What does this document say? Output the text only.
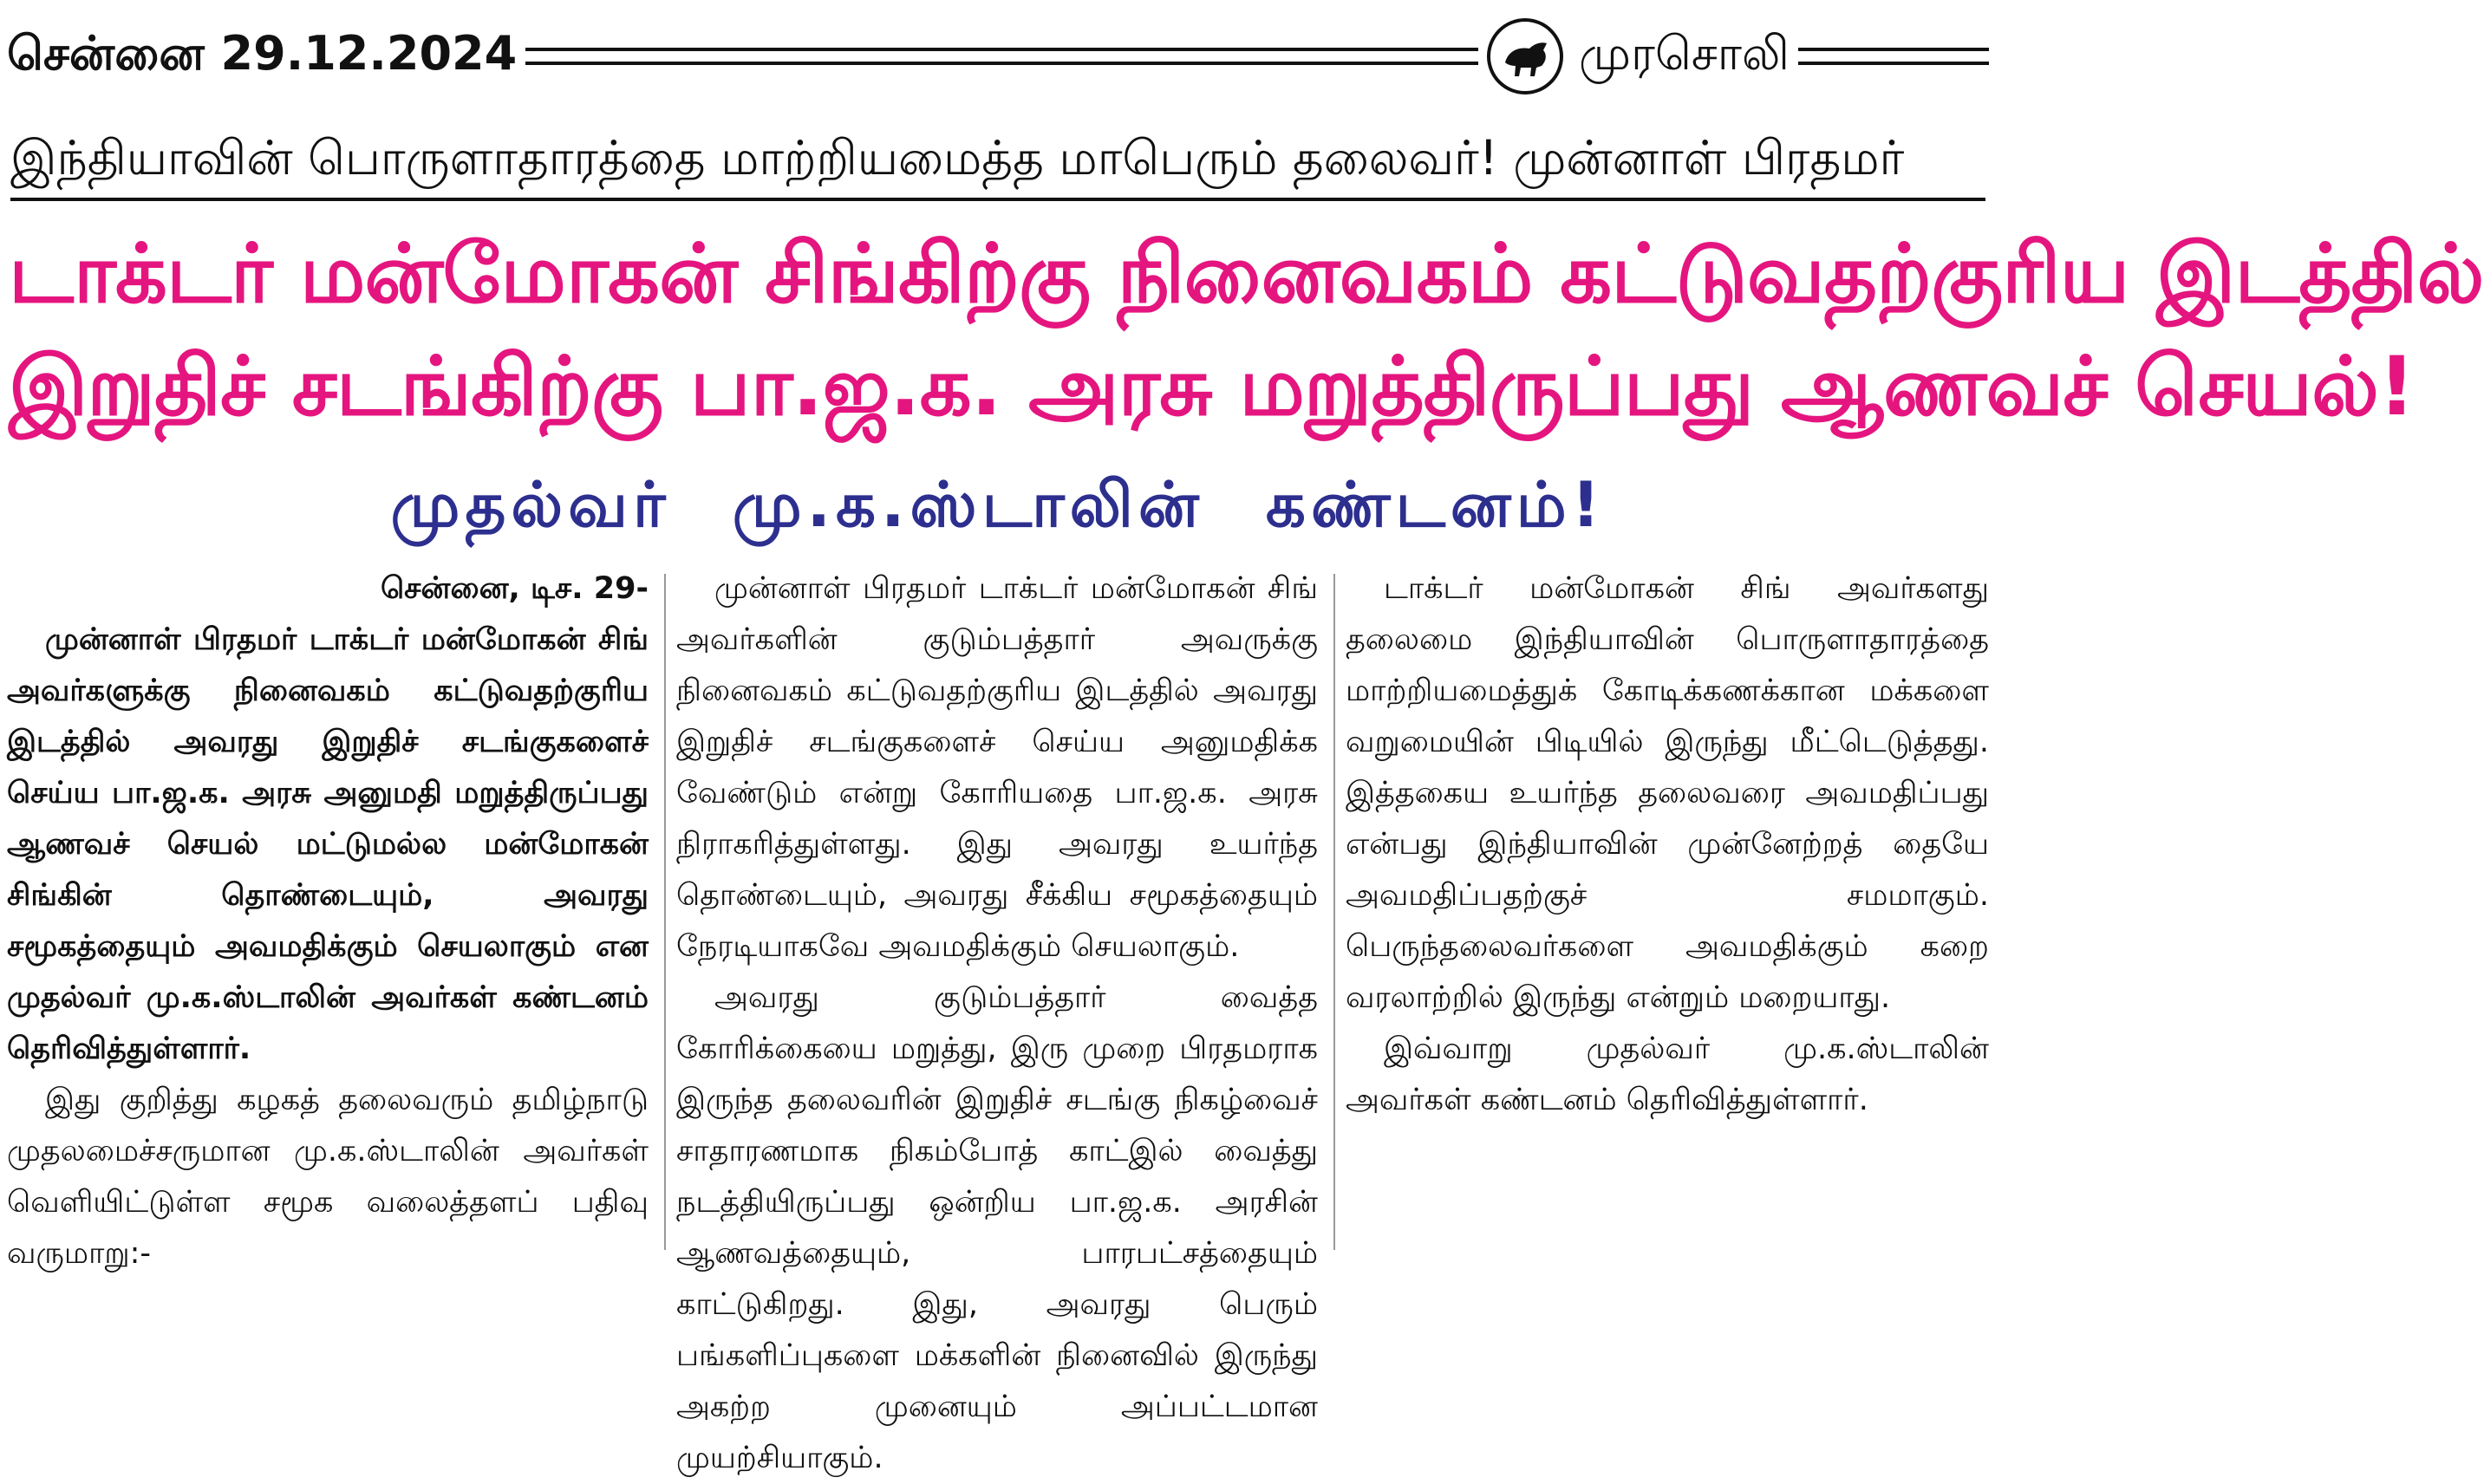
சென்னை 29.12.2024	முரசொலி
இந்தியாவின் பொருளாதாரத்தை மாற்றியமைத்த மாபெரும் தலைவர்! முன்னாள் பிரதமர்
டாக்டர் மன்மோகன் சிங்கிற்கு நினைவகம் கட்டுவதற்குரிய இடத்தில்
இறுதிச் சடங்கிற்கு பா.ஜ.க. அரசு மறுத்திருப்பது ஆணவச் செயல்!
முதல்வர் மு.க.ஸ்டாலின் கண்டனம்!
சென்னை, டிச. 29-
முன்னாள் பிரதமர் டாக்டர் மன்மோகன் சிங் அவர்களுக்கு நினைவகம் கட்டுவதற்குரிய இடத்தில் அவரது இறுதிச் சடங்குகளைச் செய்ய பா.ஜ.க. அரசு அனுமதி மறுத்திருப்பது ஆணவச் செயல் மட்டுமல்ல மன்மோகன் சிங்கின் தொண்டையும், அவரது சமூகத்தையும் அவமதிக்கும் செயலாகும் என முதல்வர் மு.க.ஸ்டாலின் அவர்கள் கண்டனம் தெரிவித்துள்ளார்.
இது குறித்து கழகத் தலைவரும் தமிழ்நாடு முதலமைச்சருமான மு.க.ஸ்டாலின் அவர்கள் வெளியிட்டுள்ள சமூக வலைத்தளப் பதிவு வருமாறு:-
முன்னாள் பிரதமர் டாக்டர் மன்மோகன் சிங் அவர்களின் குடும்பத்தார் அவருக்கு நினைவகம் கட்டுவதற்குரிய இடத்தில் அவரது இறுதிச் சடங்குகளைச் செய்ய அனுமதிக்க வேண்டும் என்று கோரியதை பா.ஜ.க. அரசு நிராகரித்துள்ளது. இது அவரது உயர்ந்த தொண்டையும், அவரது சீக்கிய சமூகத்தையும் நேரடியாகவே அவமதிக்கும் செயலாகும்.
அவரது குடும்பத்தார் வைத்த கோரிக்கையை மறுத்து, இரு முறை பிரதமராக இருந்த தலைவரின் இறுதிச் சடங்கு நிகழ்வைச் சாதாரணமாக நிகம்போத் காட்இல் வைத்து நடத்தியிருப்பது ஒன்றிய பா.ஜ.க. அரசின் ஆணவத்தையும், பாரபட்சத்தையும் காட்டுகிறது. இது, அவரது பெரும் பங்களிப்புகளை மக்களின் நினைவில் இருந்து அகற்ற முனையும் அப்பட்டமான முயற்சியாகும்.
டாக்டர் மன்மோகன் சிங் அவர்களது தலைமை இந்தியாவின் பொருளாதாரத்தை மாற்றியமைத்துக் கோடிக்கணக்கான மக்களை வறுமையின் பிடியில் இருந்து மீட்டெடுத்தது. இத்தகைய உயர்ந்த தலைவரை அவமதிப்பது என்பது இந்தியாவின் முன்னேற்றத் தையே அவமதிப்பதற்குச் சமமாகும். பெருந்தலைவர்களை அவமதிக்கும் கறை வரலாற்றில் இருந்து என்றும் மறையாது.
இவ்வாறு முதல்வர் மு.க.ஸ்டாலின் அவர்கள் கண்டனம் தெரிவித்துள்ளார்.
